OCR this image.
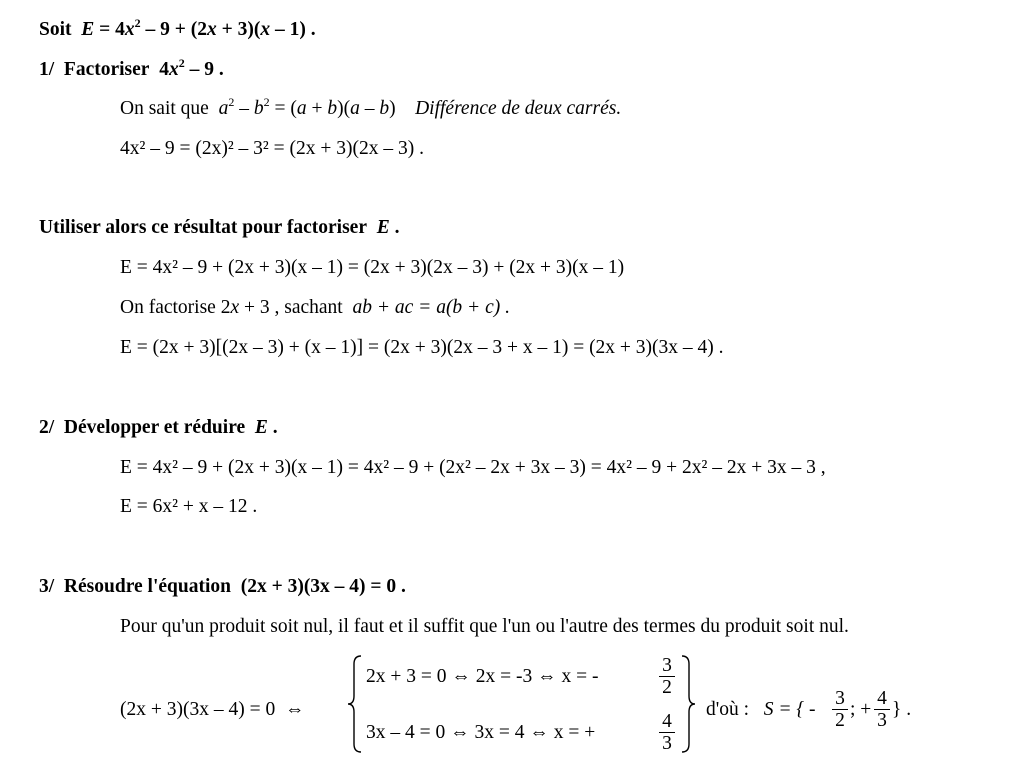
Soit $E = 4x^2 - 9 + (2x + 3)(x - 1)$ .
1/ Factoriser $4x^2 - 9$ .
On sait que $a^2 - b^2 = (a + b)(a - b)$ Différence de deux carrés.
4x² – 9 = (2x)² – 3² = (2x + 3)(2x – 3) .
Utiliser alors ce résultat pour factoriser E .
E = 4x² – 9 + (2x + 3)(x – 1) = (2x + 3)(2x – 3) + (2x + 3)(x – 1)
On factorise 2x + 3 , sachant ab + ac = a(b + c) .
E = (2x + 3)[(2x – 3) + (x – 1)] = (2x + 3)(2x – 3 + x – 1) = (2x + 3)(3x – 4) .
2/ Développer et réduire E .
E = 4x² – 9 + (2x + 3)(x – 1) = 4x² – 9 + (2x² – 2x + 3x – 3) = 4x² – 9 + 2x² – 2x + 3x – 3 ,
E = 6x² + x – 12 .
3/ Résoudre l'équation (2x + 3)(3x – 4) = 0 .
Pour qu'un produit soit nul, il faut et il suffit que l'un ou l'autre des termes du produit soit nul.
(2x + 3)(3x – 4) = 0 ⇔
2x + 3 = 0 ⇔ 2x = -3 ⇔ x = -
3
2
3x – 4 = 0 ⇔ 3x = 4 ⇔ x = +
4
3
d'où : S = { -
3
2
; +
4
3
} .
